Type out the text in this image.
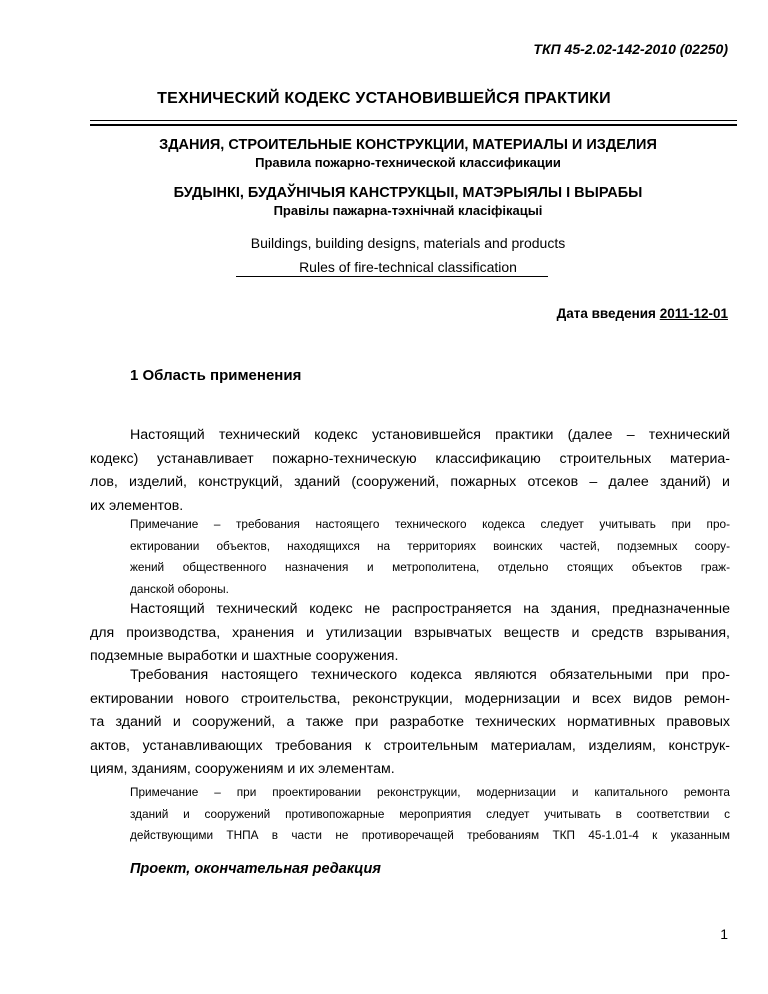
ТКП 45-2.02-142-2010 (02250)
ТЕХНИЧЕСКИЙ КОДЕКС УСТАНОВИВШЕЙСЯ ПРАКТИКИ
ЗДАНИЯ, СТРОИТЕЛЬНЫЕ КОНСТРУКЦИИ, МАТЕРИАЛЫ И ИЗДЕЛИЯ
Правила пожарно-технической классификации
БУДЫНКІ, БУДАЎНІЧЫЯ КАНСТРУКЦЫІ, МАТЭРЫЯЛЫ І ВЫРАБЫ
Правілы пажарна-тэхнічнай класіфікацыі
Buildings, building designs, materials and products
Rules of fire-technical classification
Дата введения 2011-12-01
1 Область применения
Настоящий технический кодекс установившейся практики (далее – технический
кодекс) устанавливает пожарно-техническую классификацию строительных материа-
лов, изделий, конструкций, зданий (сооружений, пожарных отсеков – далее зданий) и
их элементов.
Примечание – требования настоящего технического кодекса следует учитывать при про-
ектировании объектов, находящихся на территориях воинских частей, подземных соору-
жений общественного назначения и метрополитена, отдельно стоящих объектов граж-
данской обороны.
Настоящий технический кодекс не распространяется на здания, предназначенные
для производства, хранения и утилизации взрывчатых веществ и средств взрывания,
подземные выработки и шахтные сооружения.
Требования настоящего технического кодекса являются обязательными при про-
ектировании нового строительства, реконструкции, модернизации и всех видов ремон-
та зданий и сооружений, а также при разработке технических нормативных правовых
актов, устанавливающих требования к строительным материалам, изделиям, конструк-
циям, зданиям, сооружениям и их элементам.
Примечание – при проектировании реконструкции, модернизации и капитального ремонта
зданий и сооружений противопожарные мероприятия следует учитывать в соответствии с
действующими ТНПА в части не противоречащей требованиям ТКП 45-1.01-4 к указанным
Проект, окончательная редакция
1
